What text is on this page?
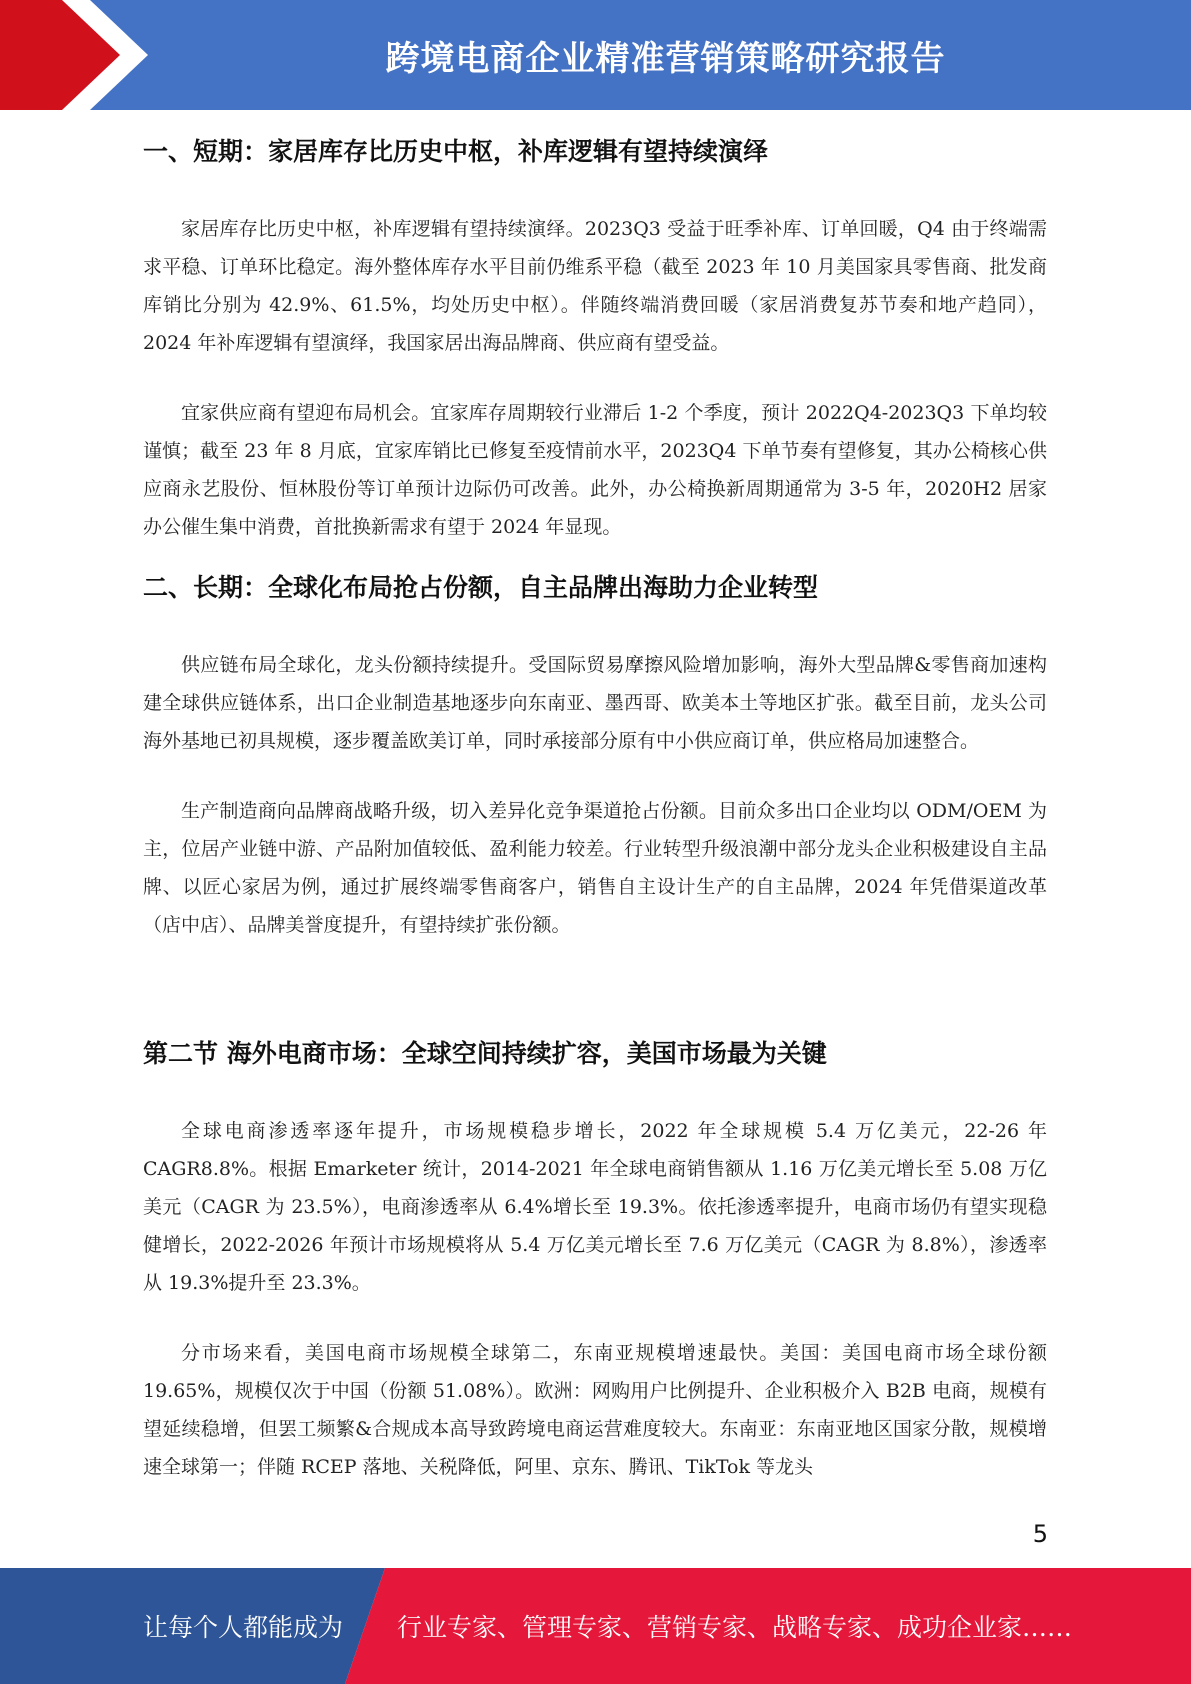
跨境电商企业精准营销策略研究报告
一、短期：家居库存比历史中枢，补库逻辑有望持续演绎

家居库存比历史中枢，补库逻辑有望持续演绎。2023Q3 受益于旺季补库、订单回暖，Q4 由于终端需求平稳、订单环比稳定。海外整体库存水平目前仍维系平稳（截至 2023 年 10 月美国家具零售商、批发商库销比分别为 42.9%、61.5%，均处历史中枢）。伴随终端消费回暖（家居消费复苏节奏和地产趋同），2024 年补库逻辑有望演绎，我国家居出海品牌商、供应商有望受益。

宜家供应商有望迎布局机会。宜家库存周期较行业滞后 1-2 个季度，预计 2022Q4-2023Q3 下单均较谨慎；截至 23 年 8 月底，宜家库销比已修复至疫情前水平，2023Q4 下单节奏有望修复，其办公椅核心供应商永艺股份、恒林股份等订单预计边际仍可改善。此外，办公椅换新周期通常为 3-5 年，2020H2 居家办公催生集中消费，首批换新需求有望于 2024 年显现。

二、长期：全球化布局抢占份额，自主品牌出海助力企业转型

供应链布局全球化，龙头份额持续提升。受国际贸易摩擦风险增加影响，海外大型品牌&零售商加速构建全球供应链体系，出口企业制造基地逐步向东南亚、墨西哥、欧美本土等地区扩张。截至目前，龙头公司海外基地已初具规模，逐步覆盖欧美订单，同时承接部分原有中小供应商订单，供应格局加速整合。

生产制造商向品牌商战略升级，切入差异化竞争渠道抢占份额。目前众多出口企业均以 ODM/OEM 为主，位居产业链中游、产品附加值较低、盈利能力较差。行业转型升级浪潮中部分龙头企业积极建设自主品牌、以匠心家居为例，通过扩展终端零售商客户，销售自主设计生产的自主品牌，2024 年凭借渠道改革（店中店）、品牌美誉度提升，有望持续扩张份额。

第二节 海外电商市场：全球空间持续扩容，美国市场最为关键

全球电商渗透率逐年提升，市场规模稳步增长，2022 年全球规模 5.4 万亿美元，22-26 年 CAGR8.8%。根据 Emarketer 统计，2014-2021 年全球电商销售额从 1.16 万亿美元增长至 5.08 万亿美元（CAGR 为 23.5%），电商渗透率从 6.4%增长至 19.3%。依托渗透率提升，电商市场仍有望实现稳健增长，2022-2026 年预计市场规模将从 5.4 万亿美元增长至 7.6 万亿美元（CAGR 为 8.8%），渗透率从 19.3%提升至 23.3%。

分市场来看，美国电商市场规模全球第二，东南亚规模增速最快。美国：美国电商市场全球份额 19.65%，规模仅次于中国（份额 51.08%）。欧洲：网购用户比例提升、企业积极介入 B2B 电商，规模有望延续稳增，但罢工频繁&合规成本高导致跨境电商运营难度较大。东南亚：东南亚地区国家分散，规模增速全球第一；伴随 RCEP 落地、关税降低，阿里、京东、腾讯、TikTok 等龙头

5
让每个人都能成为 行业专家、管理专家、营销专家、战略专家、成功企业家……
